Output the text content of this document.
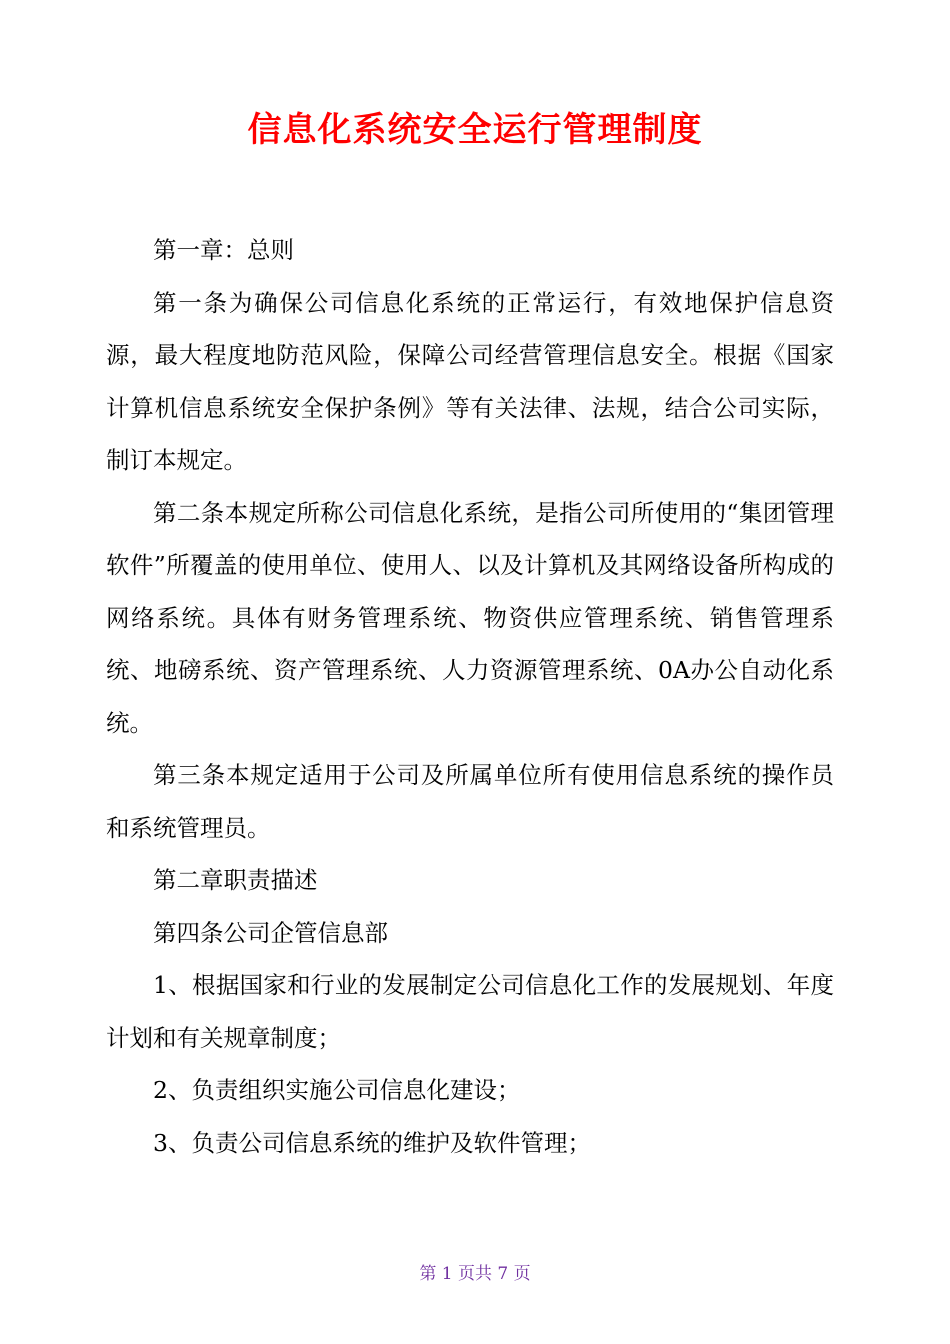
信息化系统安全运行管理制度

第一章：总则

第一条为确保公司信息化系统的正常运行，有效地保护信息资源，最大程度地防范风险，保障公司经营管理信息安全。根据《国家计算机信息系统安全保护条例》等有关法律、法规，结合公司实际，制订本规定。

第二条本规定所称公司信息化系统，是指公司所使用的“集团管理软件”所覆盖的使用单位、使用人、以及计算机及其网络设备所构成的网络系统。具体有财务管理系统、物资供应管理系统、销售管理系统、地磅系统、资产管理系统、人力资源管理系统、0A办公自动化系统。

第三条本规定适用于公司及所属单位所有使用信息系统的操作员和系统管理员。

第二章职责描述

第四条公司企管信息部

1、根据国家和行业的发展制定公司信息化工作的发展规划、年度计划和有关规章制度；

2、负责组织实施公司信息化建设；

3、负责公司信息系统的维护及软件管理；

第 1 页共 7 页
